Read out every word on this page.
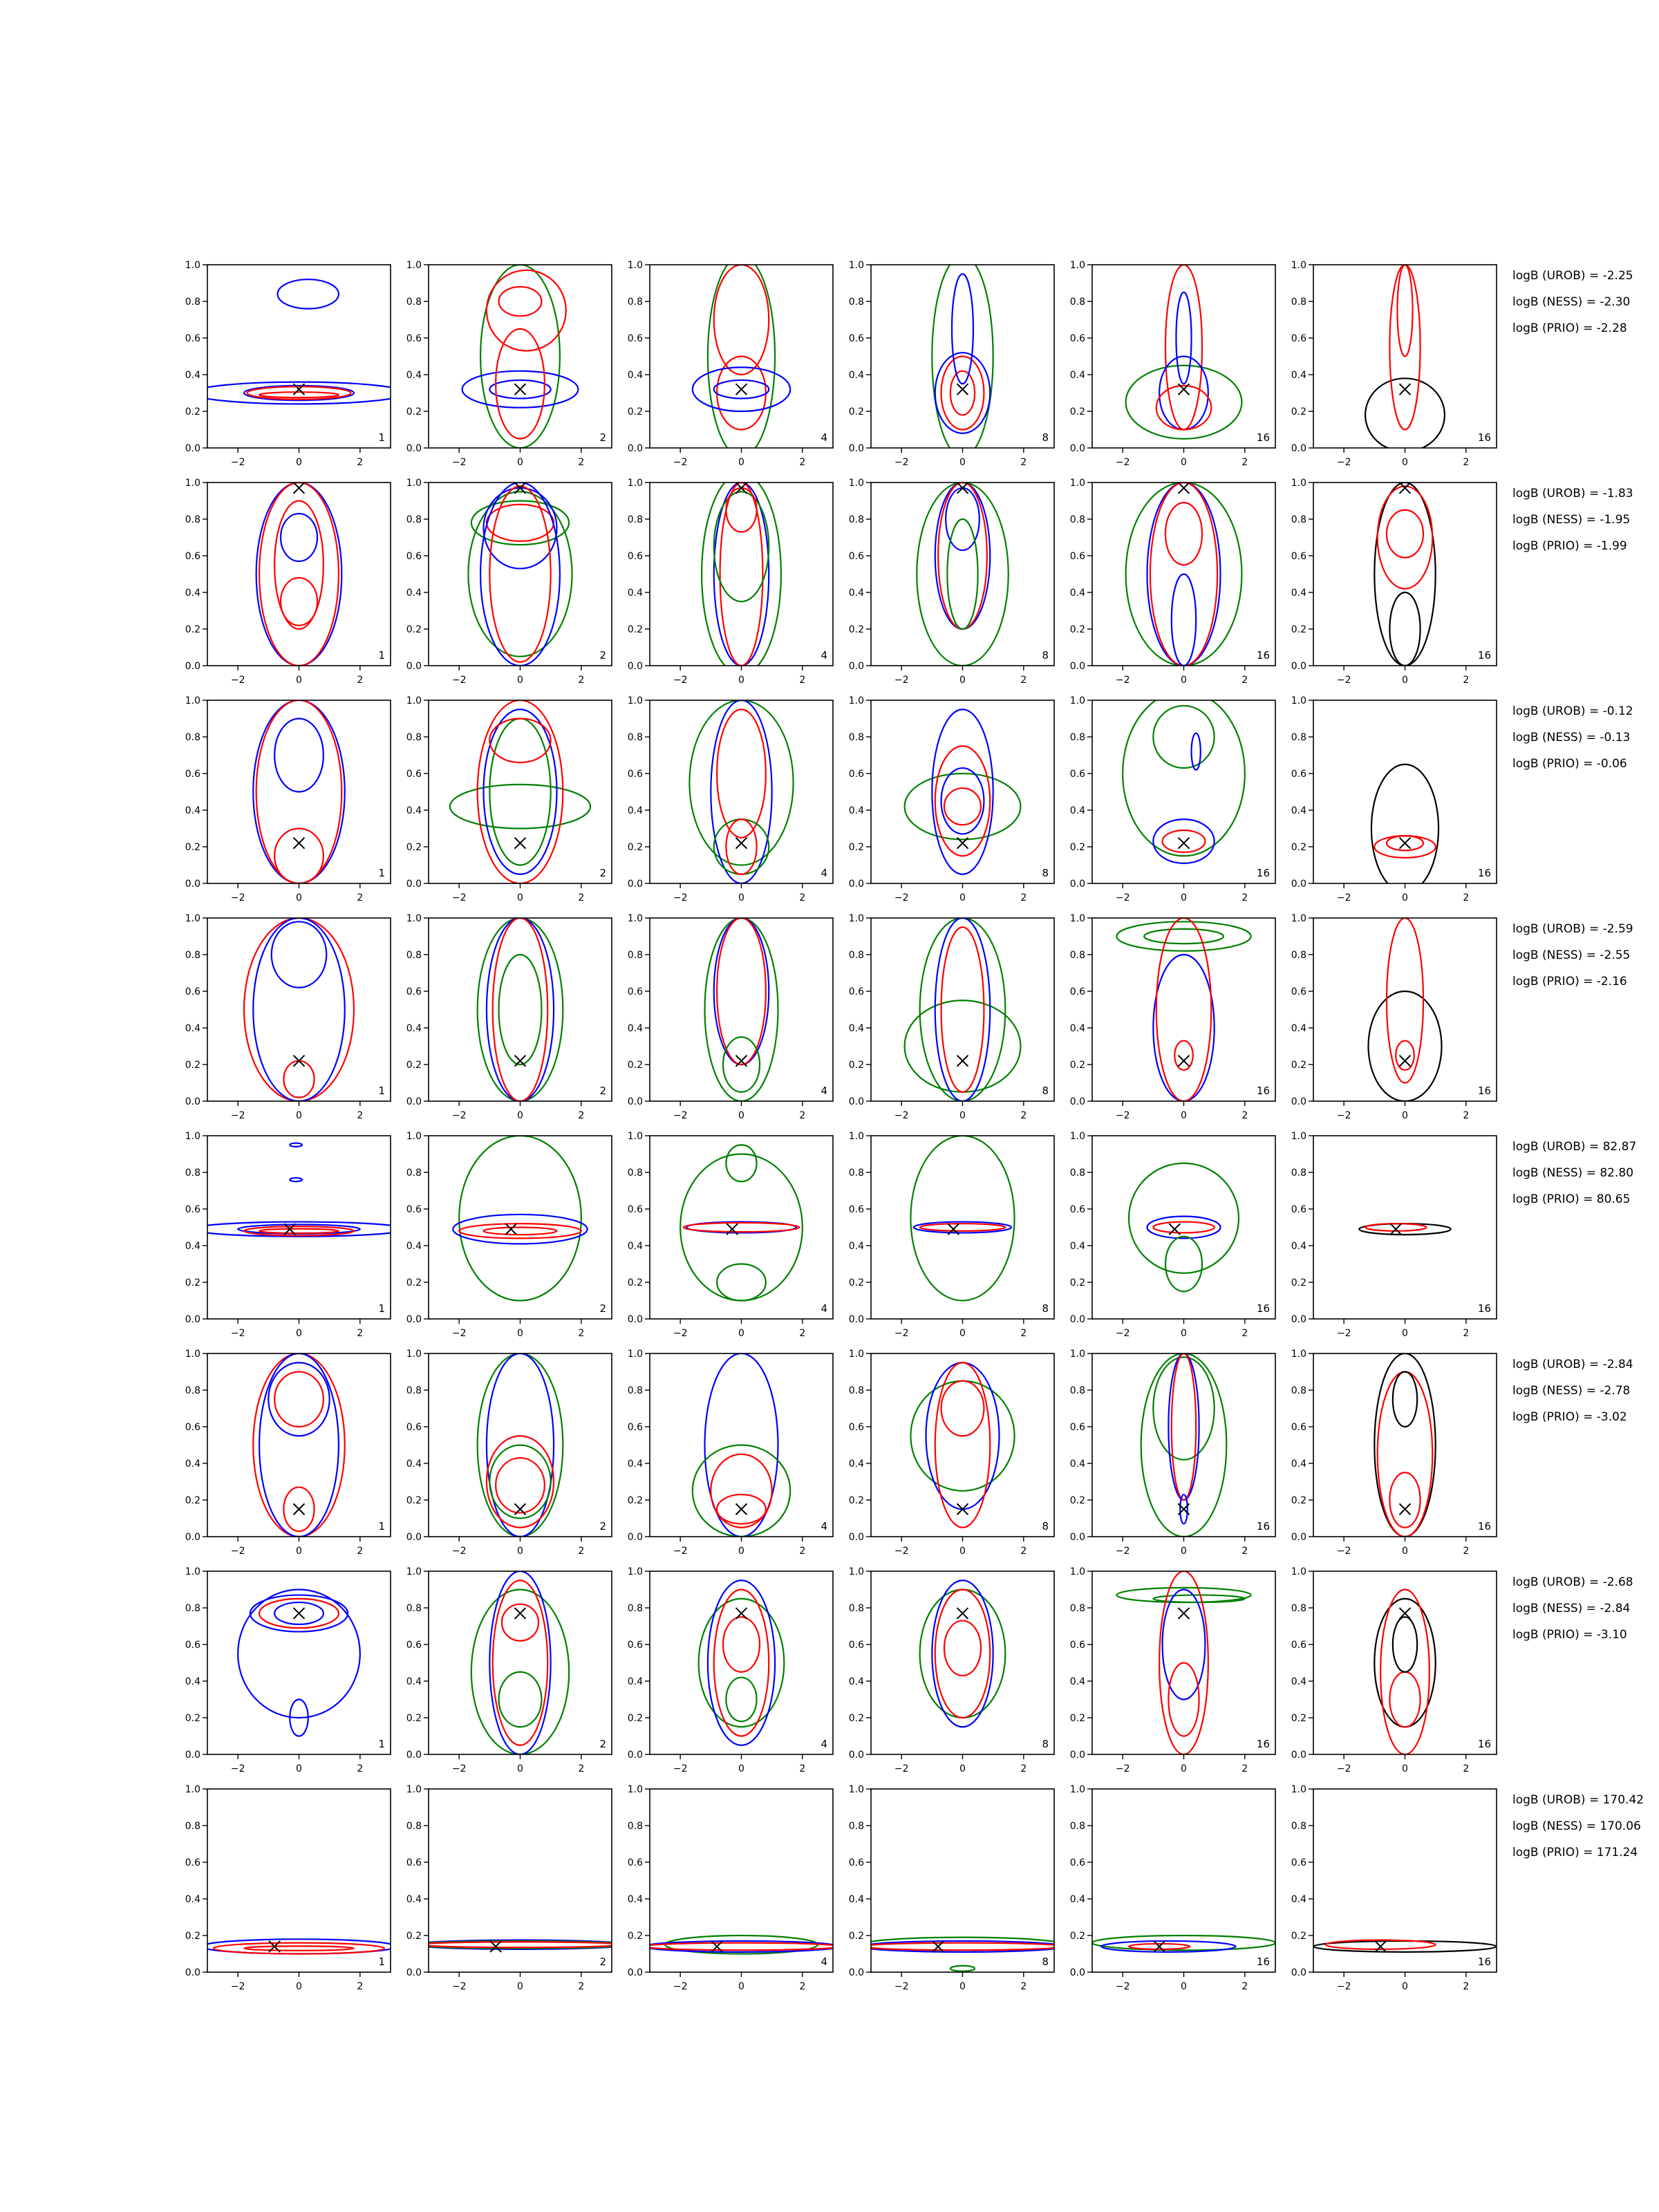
−2	0	2
0.0
0.2
0.4
0.6
0.8
1.0
1
−2	0	2
0.0
0.2
0.4
0.6
0.8
1.0
2
−2	0	2
0.0
0.2
0.4
0.6
0.8
1.0
4
−2	0	2
0.0
0.2
0.4
0.6
0.8
1.0
8
−2	0	2
0.0
0.2
0.4
0.6
0.8
1.0
16
−2	0	2
0.0
0.2
0.4
0.6
0.8
1.0
16
logB (UROB) = -2.25
logB (NESS) = -2.30
logB (PRIO) = -2.28
−2	0	2
0.0
0.2
0.4
0.6
0.8
1.0
1
−2	0	2
0.0
0.2
0.4
0.6
0.8
1.0
2
−2	0	2
0.0
0.2
0.4
0.6
0.8
1.0
4
−2	0	2
0.0
0.2
0.4
0.6
0.8
1.0
8
−2	0	2
0.0
0.2
0.4
0.6
0.8
1.0
16
−2	0	2
0.0
0.2
0.4
0.6
0.8
1.0
16
logB (UROB) = -1.83
logB (NESS) = -1.95
logB (PRIO) = -1.99
−2	0	2
0.0
0.2
0.4
0.6
0.8
1.0
1
−2	0	2
0.0
0.2
0.4
0.6
0.8
1.0
2
−2	0	2
0.0
0.2
0.4
0.6
0.8
1.0
4
−2	0	2
0.0
0.2
0.4
0.6
0.8
1.0
8
−2	0	2
0.0
0.2
0.4
0.6
0.8
1.0
16
−2	0	2
0.0
0.2
0.4
0.6
0.8
1.0
16
logB (UROB) = -0.12
logB (NESS) = -0.13
logB (PRIO) = -0.06
−2	0	2
0.0
0.2
0.4
0.6
0.8
1.0
1
−2	0	2
0.0
0.2
0.4
0.6
0.8
1.0
2
−2	0	2
0.0
0.2
0.4
0.6
0.8
1.0
4
−2	0	2
0.0
0.2
0.4
0.6
0.8
1.0
8
−2	0	2
0.0
0.2
0.4
0.6
0.8
1.0
16
−2	0	2
0.0
0.2
0.4
0.6
0.8
1.0
16
logB (UROB) = -2.59
logB (NESS) = -2.55
logB (PRIO) = -2.16
−2	0	2
0.0
0.2
0.4
0.6
0.8
1.0
1
−2	0	2
0.0
0.2
0.4
0.6
0.8
1.0
2
−2	0	2
0.0
0.2
0.4
0.6
0.8
1.0
4
−2	0	2
0.0
0.2
0.4
0.6
0.8
1.0
8
−2	0	2
0.0
0.2
0.4
0.6
0.8
1.0
16
−2	0	2
0.0
0.2
0.4
0.6
0.8
1.0
16
logB (UROB) = 82.87
logB (NESS) = 82.80
logB (PRIO) = 80.65
−2	0	2
0.0
0.2
0.4
0.6
0.8
1.0
1
−2	0	2
0.0
0.2
0.4
0.6
0.8
1.0
2
−2	0	2
0.0
0.2
0.4
0.6
0.8
1.0
4
−2	0	2
0.0
0.2
0.4
0.6
0.8
1.0
8
−2	0	2
0.0
0.2
0.4
0.6
0.8
1.0
16
−2	0	2
0.0
0.2
0.4
0.6
0.8
1.0
16
logB (UROB) = -2.84
logB (NESS) = -2.78
logB (PRIO) = -3.02
−2	0	2
0.0
0.2
0.4
0.6
0.8
1.0
1
−2	0	2
0.0
0.2
0.4
0.6
0.8
1.0
2
−2	0	2
0.0
0.2
0.4
0.6
0.8
1.0
4
−2	0	2
0.0
0.2
0.4
0.6
0.8
1.0
8
−2	0	2
0.0
0.2
0.4
0.6
0.8
1.0
16
−2	0	2
0.0
0.2
0.4
0.6
0.8
1.0
16
logB (UROB) = -2.68
logB (NESS) = -2.84
logB (PRIO) = -3.10
−2	0	2
0.0
0.2
0.4
0.6
0.8
1.0
1
−2	0	2
0.0
0.2
0.4
0.6
0.8
1.0
2
−2	0	2
0.0
0.2
0.4
0.6
0.8
1.0
4
−2	0	2
0.0
0.2
0.4
0.6
0.8
1.0
8
−2	0	2
0.0
0.2
0.4
0.6
0.8
1.0
16
−2	0	2
0.0
0.2
0.4
0.6
0.8
1.0
16
logB (UROB) = 170.42
logB (NESS) = 170.06
logB (PRIO) = 171.24
